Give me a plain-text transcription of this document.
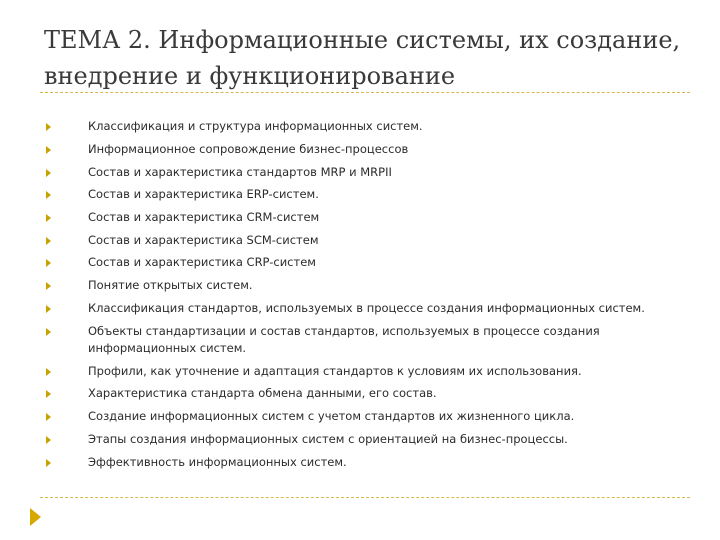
ТЕМА 2. Информационные системы, их создание, внедрение и функционирование
Классификация и структура информационных систем.
Информационное сопровождение бизнес-процессов
Состав и характеристика стандартов MRP и MRPII
Состав и характеристика ERP-систем.
Состав и характеристика CRM-систем
Состав и характеристика SCM-систем
Состав и характеристика CRP-систем
Понятие открытых систем.
Классификация стандартов, используемых в процессе создания информационных систем.
Объекты стандартизации и состав стандартов, используемых в процессе создания информационных систем.
Профили, как уточнение и адаптация стандартов к условиям их использования.
Характеристика стандарта обмена данными, его состав.
Создание информационных систем с учетом стандартов их жизненного цикла.
Этапы создания информационных систем с ориентацией на бизнес-процессы.
Эффективность информационных систем.
